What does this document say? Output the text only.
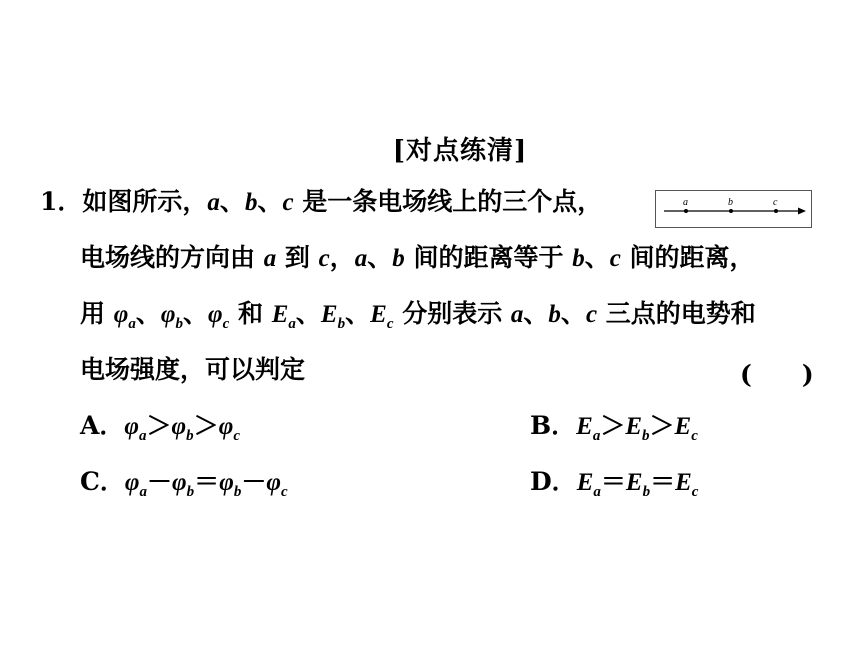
[对点练清]
1．如图所示，a、b、c 是一条电场线上的三个点，	a	b	c
电场线的方向由 a 到 c，a、b 间的距离等于 b、c 间的距离，
用 $\varphi_a$、$\varphi_b$、$\varphi_c$ 和 $E_a$、$E_b$、$E_c$ 分别表示 a、b、c 三点的电势和
电场强度，可以判定	(　　)
A．$\varphi_a>\varphi_b>\varphi_c$	B．$E_a>E_b>E_c$
C．$\varphi_a-\varphi_b=\varphi_b-\varphi_c$	D．$E_a=E_b=E_c$
